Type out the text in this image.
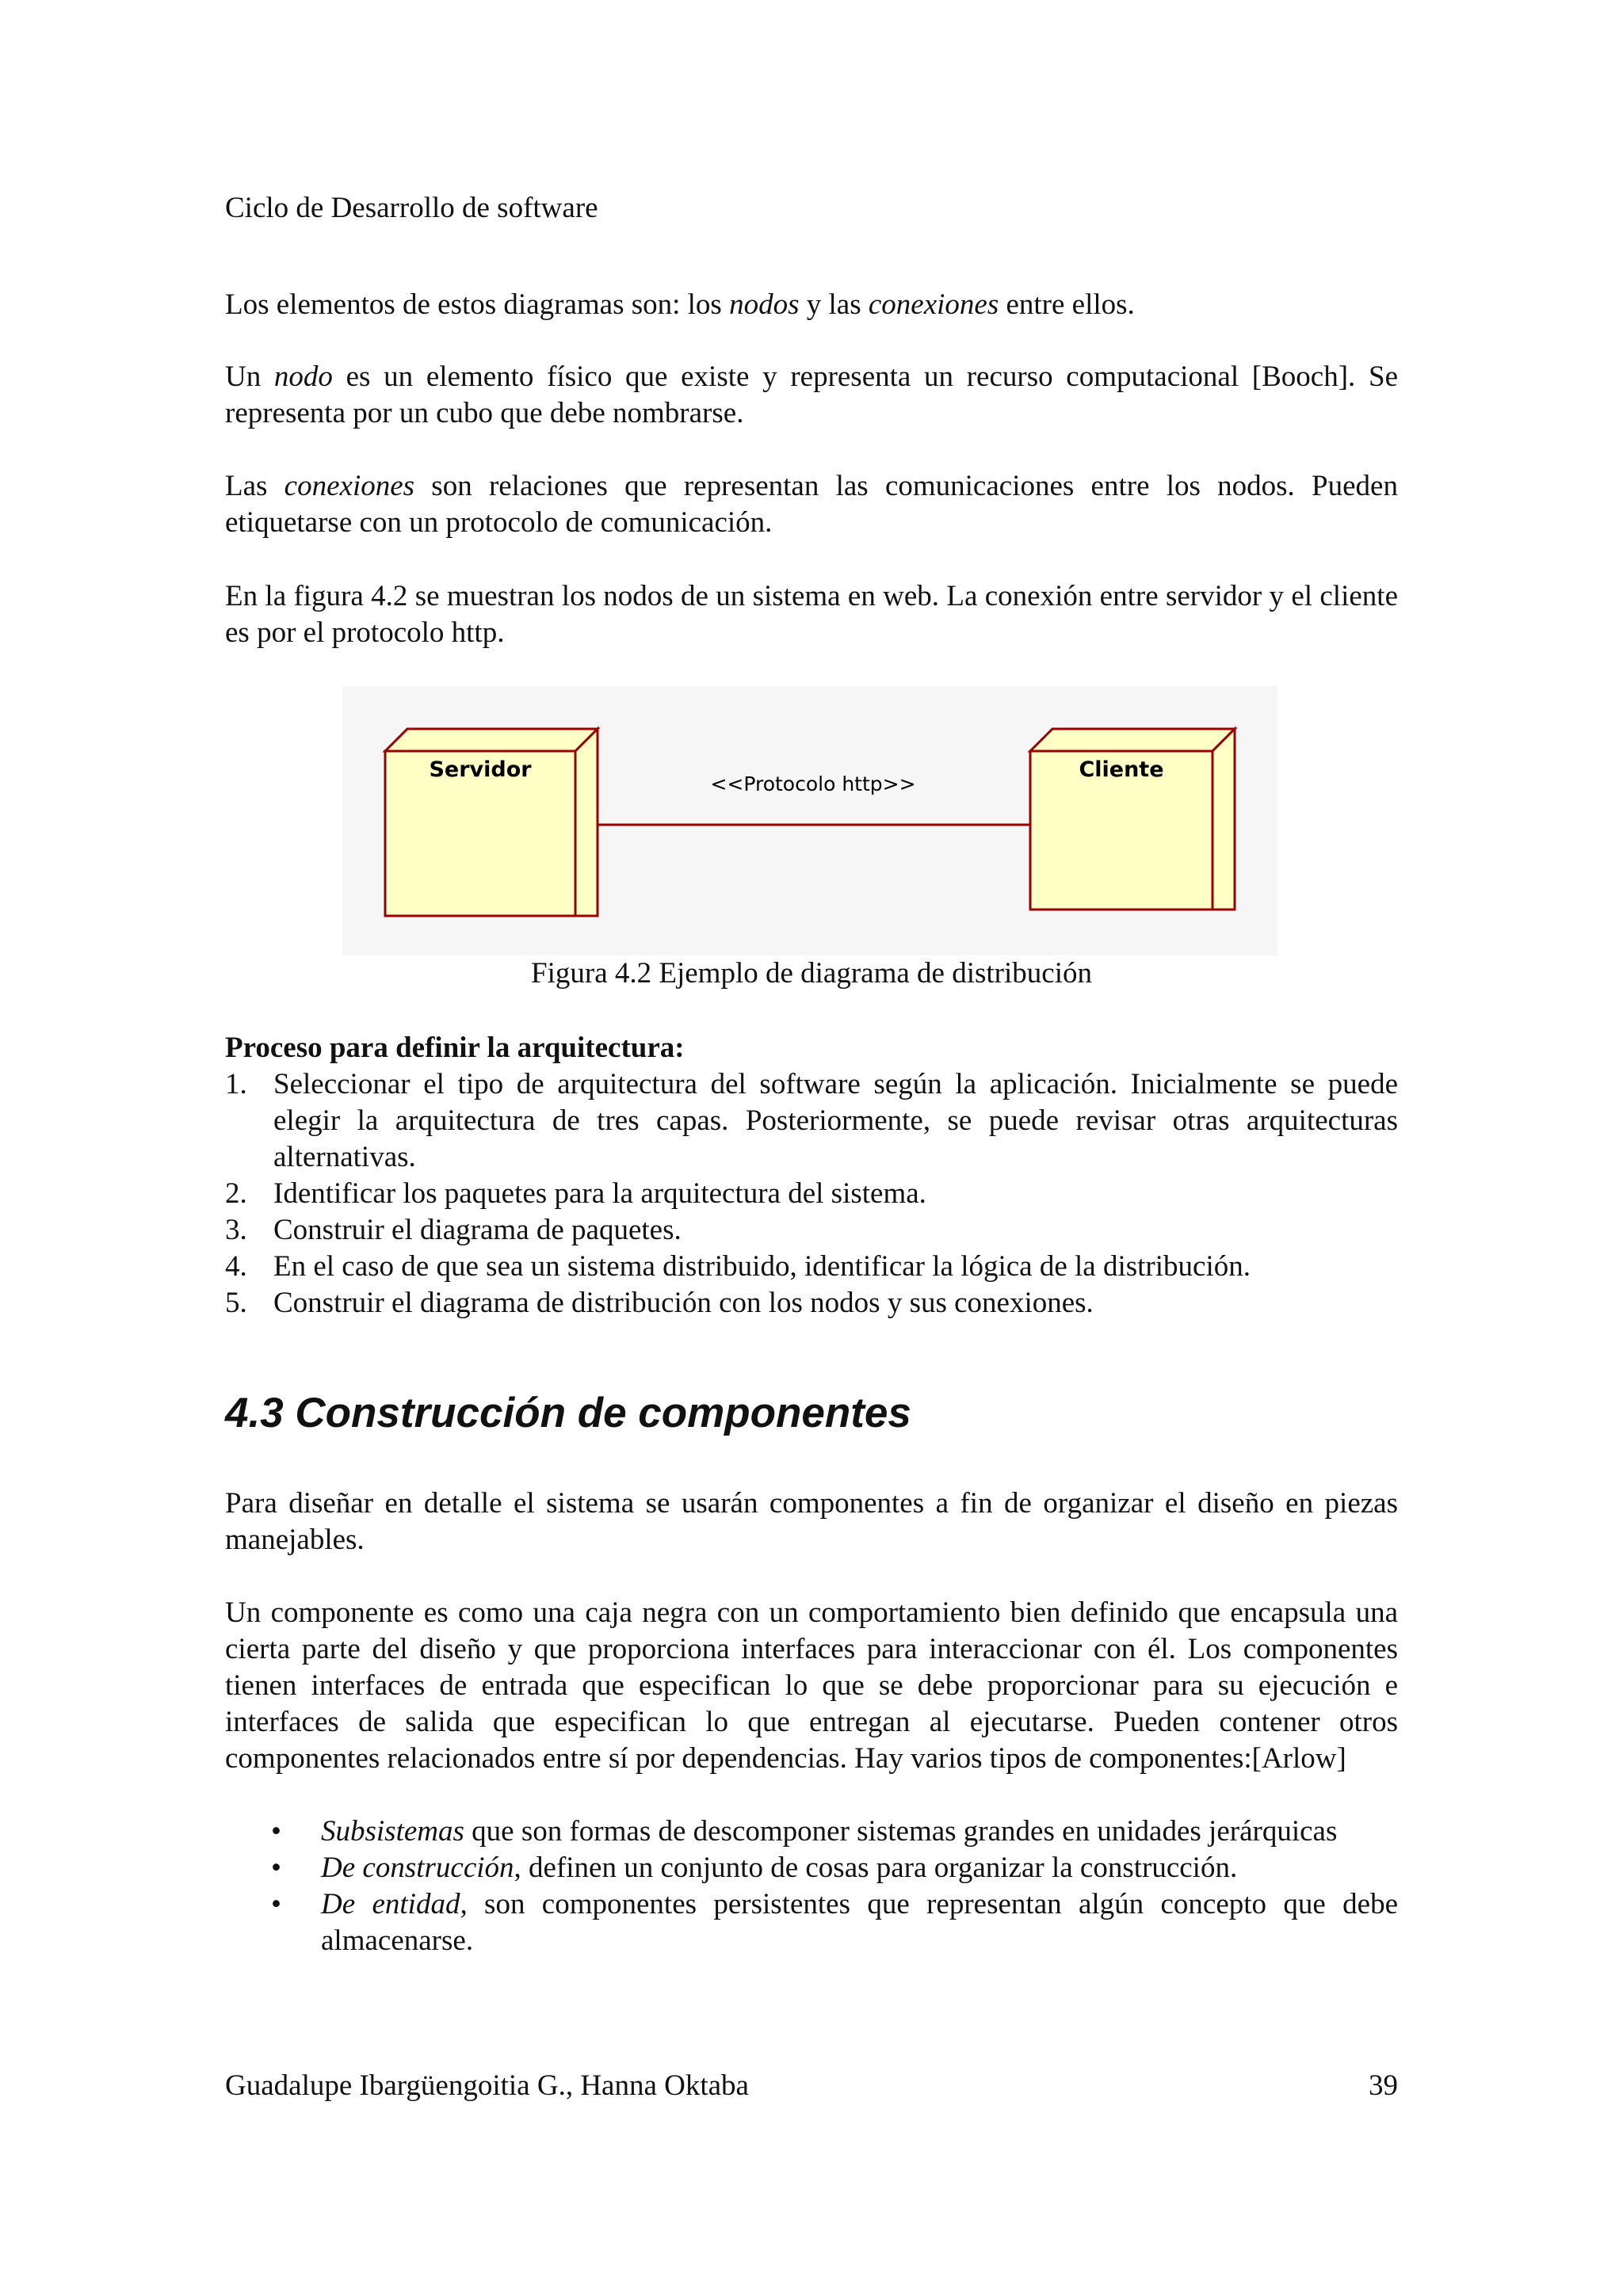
Ciclo de Desarrollo de software

Los elementos de estos diagramas son: los nodos y las conexiones entre ellos.

Un nodo es un elemento físico que existe y representa un recurso computacional [Booch]. Se representa por un cubo que debe nombrarse.

Las conexiones son relaciones que representan las comunicaciones entre los nodos. Pueden etiquetarse con un protocolo de comunicación.

En la figura 4.2 se muestran los nodos de un sistema en web. La conexión entre servidor y el cliente es por el protocolo http.

Servidor
<<Protocolo http>>
Cliente

Figura 4.2 Ejemplo de diagrama de distribución

Proceso para definir la arquitectura:
1. Seleccionar el tipo de arquitectura del software según la aplicación. Inicialmente se puede elegir la arquitectura de tres capas. Posteriormente, se puede revisar otras arquitecturas alternativas.
2. Identificar los paquetes para la arquitectura del sistema.
3. Construir el diagrama de paquetes.
4. En el caso de que sea un sistema distribuido, identificar la lógica de la distribución.
5. Construir el diagrama de distribución con los nodos y sus conexiones.
4.3 Construcción de componentes

Para diseñar en detalle el sistema se usarán componentes a fin de organizar el diseño en piezas manejables.

Un componente es como una caja negra con un comportamiento bien definido que encapsula una cierta parte del diseño y que proporciona interfaces para interaccionar con él. Los componentes tienen interfaces de entrada que especifican lo que se debe proporcionar para su ejecución e interfaces de salida que especifican lo que entregan al ejecutarse. Pueden contener otros componentes relacionados entre sí por dependencias. Hay varios tipos de componentes:[Arlow]

• Subsistemas que son formas de descomponer sistemas grandes en unidades jerárquicas
• De construcción, definen un conjunto de cosas para organizar la construcción.
• De entidad, son componentes persistentes que representan algún concepto que debe almacenarse.

Guadalupe Ibargüengoitia G., Hanna Oktaba	39
